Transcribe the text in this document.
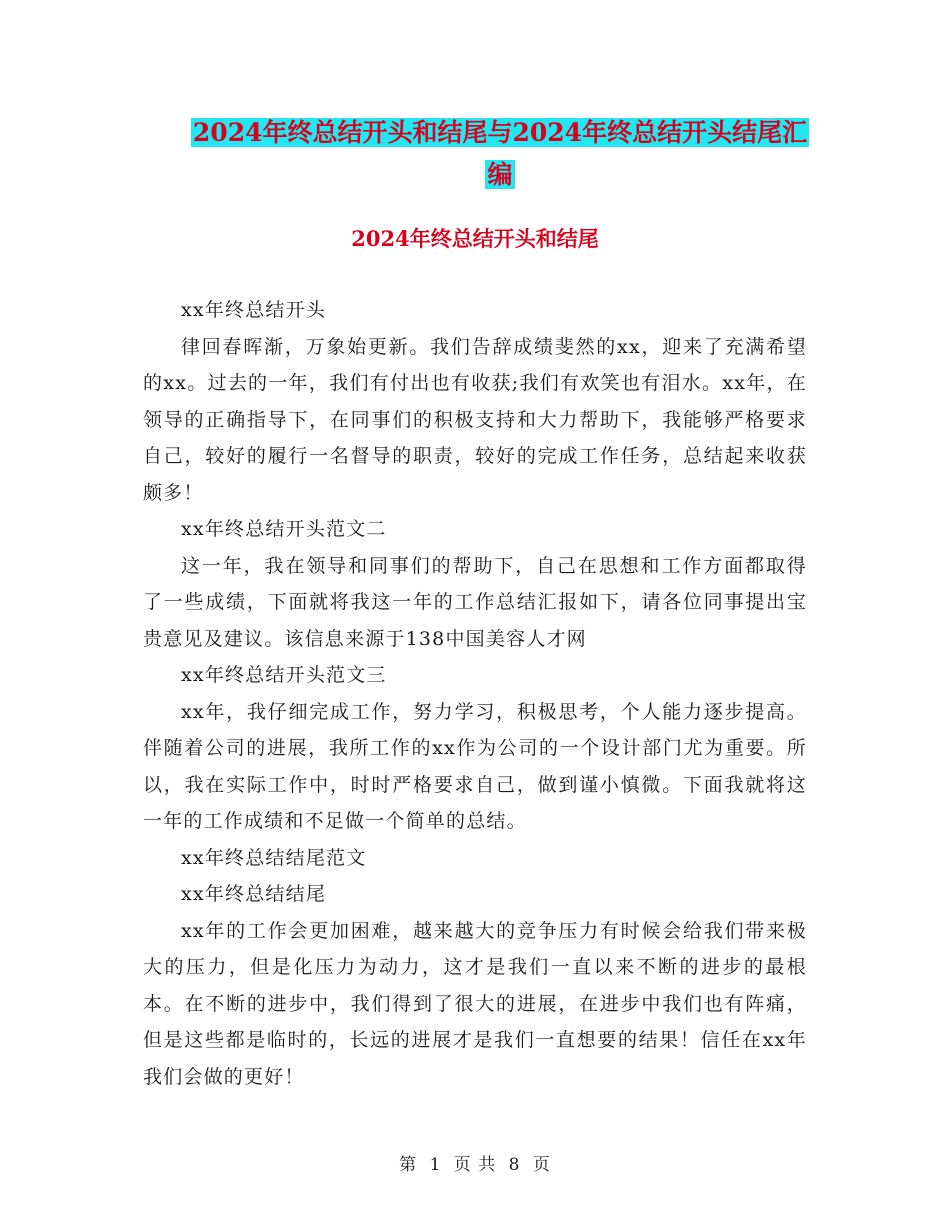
2024年终总结开头和结尾与2024年终总结开头结尾汇
编
2024年终总结开头和结尾

xx年终总结开头

律回春晖渐，万象始更新。我们告辞成绩斐然的xx，迎来了充满希望的xx。过去的一年，我们有付出也有收获;我们有欢笑也有泪水。xx年，在领导的正确指导下，在同事们的积极支持和大力帮助下，我能够严格要求自己，较好的履行一名督导的职责，较好的完成工作任务，总结起来收获颇多！

xx年终总结开头范文二

这一年，我在领导和同事们的帮助下，自己在思想和工作方面都取得了一些成绩，下面就将我这一年的工作总结汇报如下，请各位同事提出宝贵意见及建议。该信息来源于138中国美容人才网

xx年终总结开头范文三

xx年，我仔细完成工作，努力学习，积极思考，个人能力逐步提高。伴随着公司的进展，我所工作的xx作为公司的一个设计部门尤为重要。所以，我在实际工作中，时时严格要求自己，做到谨小慎微。下面我就将这一年的工作成绩和不足做一个简单的总结。

xx年终总结结尾范文

xx年终总结结尾

xx年的工作会更加困难，越来越大的竞争压力有时候会给我们带来极大的压力，但是化压力为动力，这才是我们一直以来不断的进步的最根本。在不断的进步中，我们得到了很大的进展，在进步中我们也有阵痛，但是这些都是临时的，长远的进展才是我们一直想要的结果！信任在xx年我们会做的更好！

第 1 页 共 8 页
